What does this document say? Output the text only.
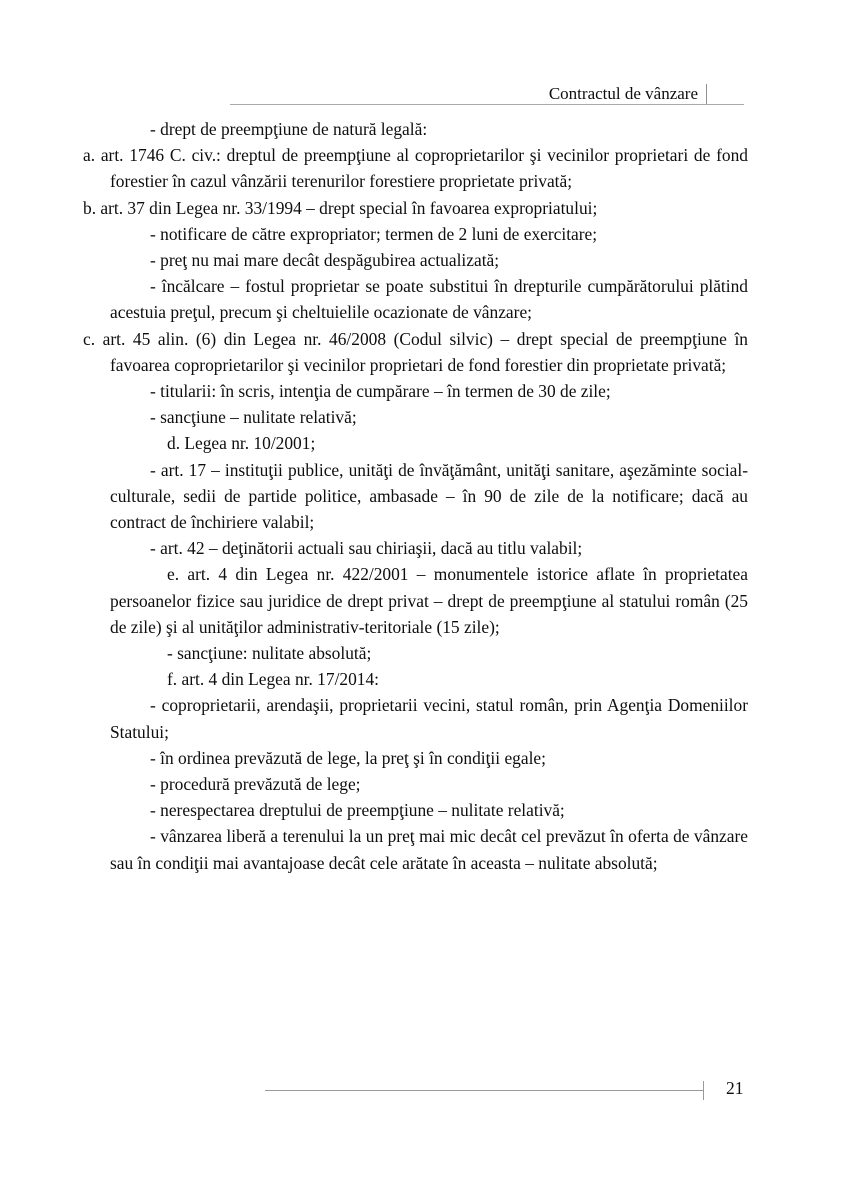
Contractul de vânzare

- drept de preempţiune de natură legală:

a. art. 1746 C. civ.: dreptul de preempţiune al coproprietarilor şi vecinilor proprietari de fond forestier în cazul vânzării terenurilor forestiere proprietate privată;

b. art. 37 din Legea nr. 33/1994 – drept special în favoarea expropriatului;

- notificare de către expropriator; termen de 2 luni de exercitare;

- preţ nu mai mare decât despăgubirea actualizată;

- încălcare – fostul proprietar se poate substitui în drepturile cumpărătorului plătind acestuia preţul, precum şi cheltuielile ocazionate de vânzare;

c. art. 45 alin. (6) din Legea nr. 46/2008 (Codul silvic) – drept special de preempţiune în favoarea coproprietarilor şi vecinilor proprietari de fond forestier din proprietate privată;

- titularii: în scris, intenţia de cumpărare – în termen de 30 de zile;

- sancţiune – nulitate relativă;

d. Legea nr. 10/2001;

- art. 17 – instituţii publice, unităţi de învăţământ, unităţi sanitare, aşezăminte social-culturale, sedii de partide politice, ambasade – în 90 de zile de la notificare; dacă au contract de închiriere valabil;

- art. 42 – deţinătorii actuali sau chiriaşii, dacă au titlu valabil;

e. art. 4 din Legea nr. 422/2001 – monumentele istorice aflate în proprietatea persoanelor fizice sau juridice de drept privat – drept de preempţiune al statului român (25 de zile) şi al unităţilor administrativ-teritoriale (15 zile);

- sancţiune: nulitate absolută;

f. art. 4 din Legea nr. 17/2014:

- coproprietarii, arendaşii, proprietarii vecini, statul român, prin Agenţia Domeniilor Statului;

- în ordinea prevăzută de lege, la preţ şi în condiţii egale;

- procedură prevăzută de lege;

- nerespectarea dreptului de preempţiune – nulitate relativă;

- vânzarea liberă a terenului la un preţ mai mic decât cel prevăzut în oferta de vânzare sau în condiţii mai avantajoase decât cele arătate în aceasta – nulitate absolută;

21
